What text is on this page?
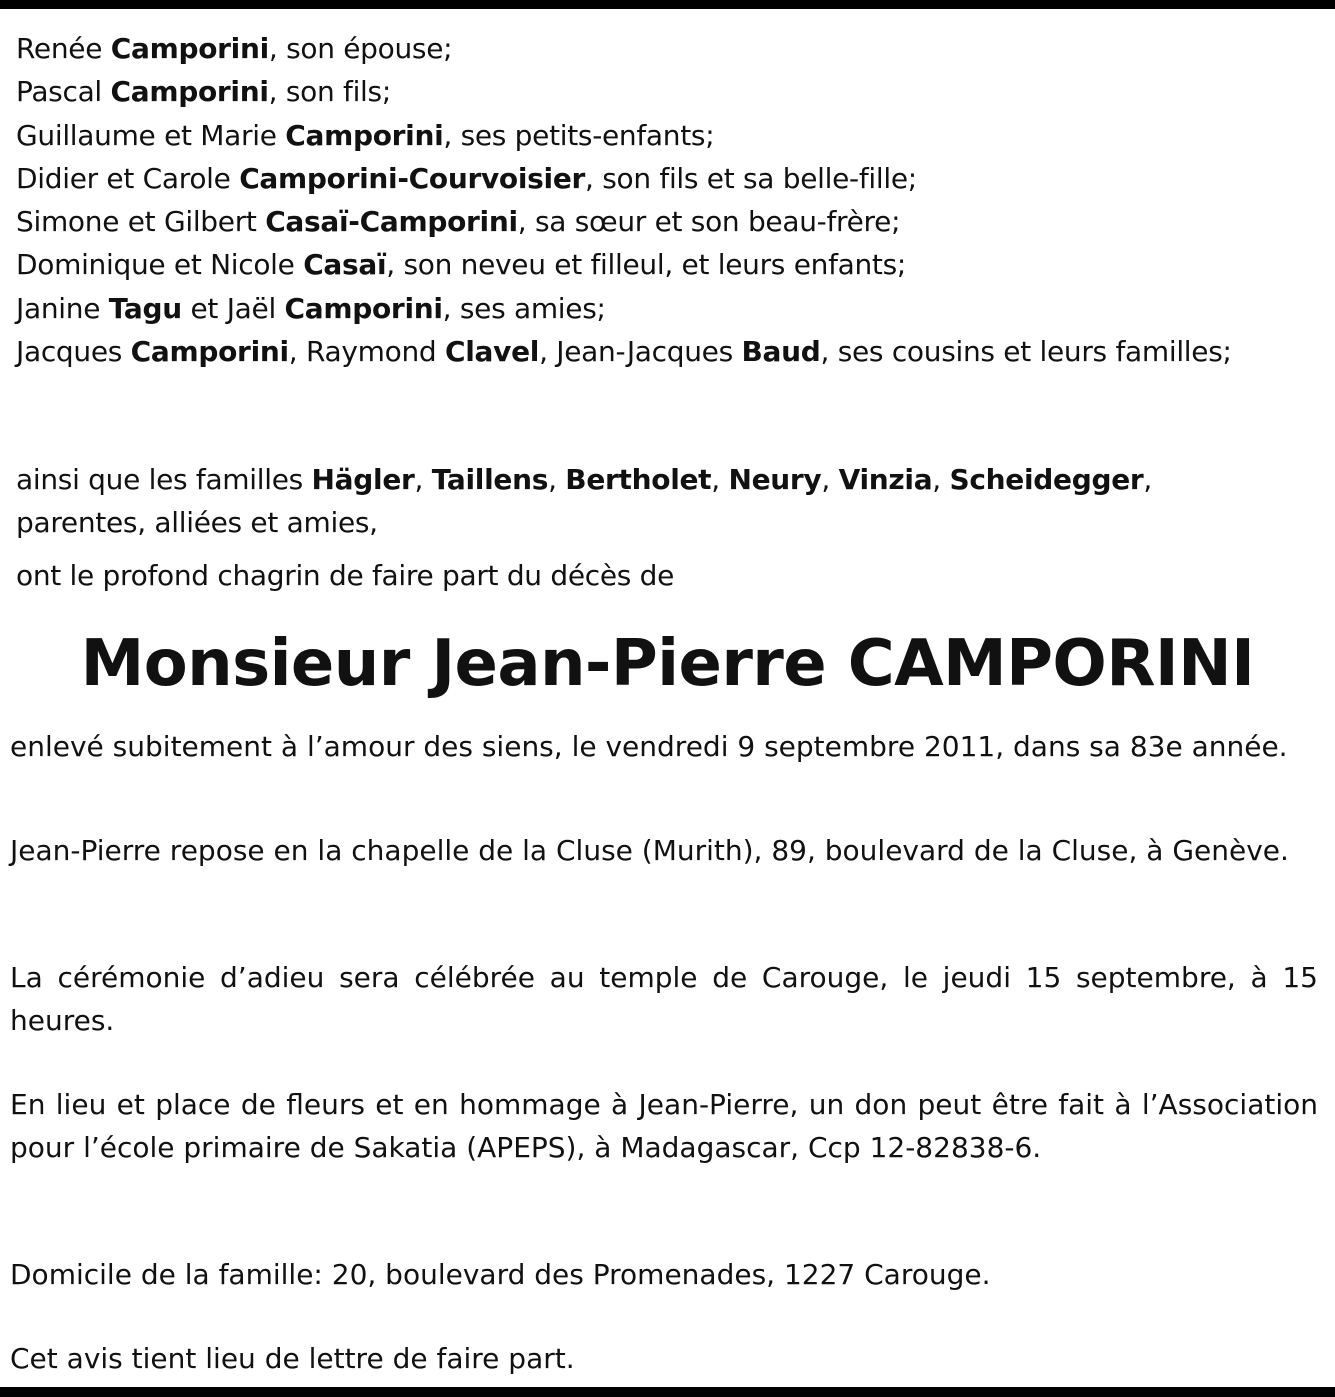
Renée Camporini, son épouse;
Pascal Camporini, son fils;
Guillaume et Marie Camporini, ses petits-enfants;
Didier et Carole Camporini-Courvoisier, son fils et sa belle-fille;
Simone et Gilbert Casaï-Camporini, sa sœur et son beau-frère;
Dominique et Nicole Casaï, son neveu et filleul, et leurs enfants;
Janine Tagu et Jaël Camporini, ses amies;
Jacques Camporini, Raymond Clavel, Jean-Jacques Baud, ses cousins et leurs familles;
ainsi que les familles Hägler, Taillens, Bertholet, Neury, Vinzia, Scheidegger,
parentes, alliées et amies,
ont le profond chagrin de faire part du décès de
Monsieur Jean-Pierre CAMPORINI
enlevé subitement à l’amour des siens, le vendredi 9 septembre 2011, dans sa 83e année.
Jean-Pierre repose en la chapelle de la Cluse (Murith), 89, boulevard de la Cluse, à Genève.
La cérémonie d’adieu sera célébrée au temple de Carouge, le jeudi 15 septembre, à 15 heures.
En lieu et place de fleurs et en hommage à Jean-Pierre, un don peut être fait à l’Association pour l’école primaire de Sakatia (APEPS), à Madagascar, Ccp 12-82838-6.
Domicile de la famille: 20, boulevard des Promenades, 1227 Carouge.
Cet avis tient lieu de lettre de faire part.
